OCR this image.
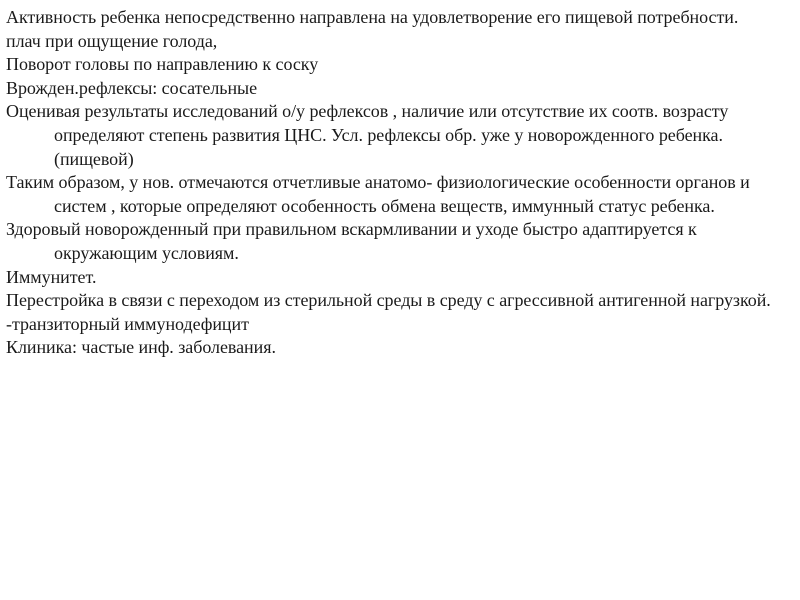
Активность ребенка непосредственно направлена на удовлетворение его пищевой потребности.

плач при ощущение голода,

Поворот головы по направлению к соску

Врожден.рефлексы: сосательные

Оценивая результаты исследований о/у рефлексов , наличие или отсутствие их соотв. возрасту определяют степень развития ЦНС. Усл. рефлексы обр. уже у новорожденного ребенка. (пищевой)

Таким образом, у нов. отмечаются отчетливые анатомо- физиологические особенности органов и систем , которые определяют особенность обмена веществ, иммунный статус ребенка.

Здоровый новорожденный при правильном вскармливании и уходе быстро адаптируется к окружающим условиям.

Иммунитет.

Перестройка в связи с переходом из стерильной среды в среду с агрессивной антигенной нагрузкой.

-транзиторный иммунодефицит

Клиника: частые инф. заболевания.
